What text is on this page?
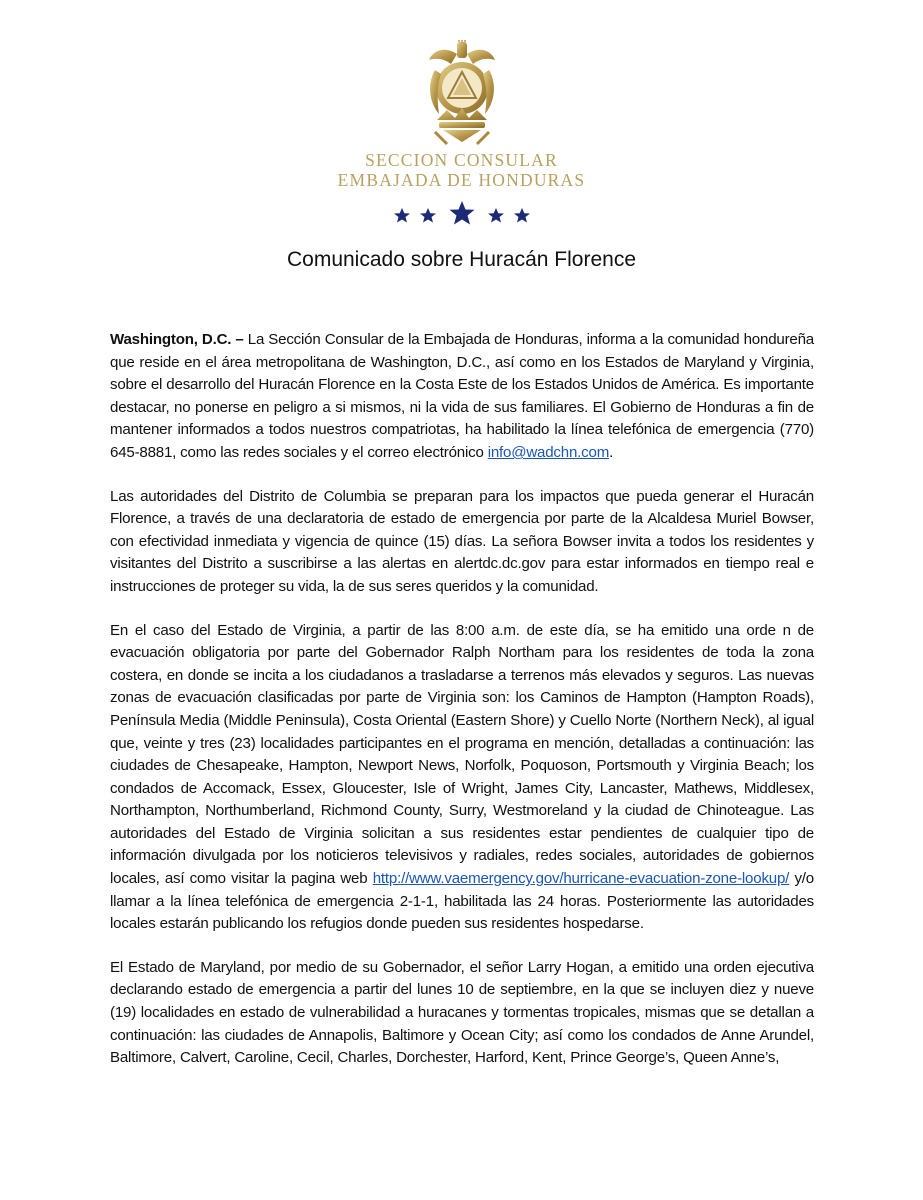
SECCION CONSULAR
EMBAJADA DE HONDURAS
Comunicado sobre Huracán Florence

Washington, D.C. – La Sección Consular de la Embajada de Honduras, informa a la comunidad hondureña que reside en el área metropolitana de Washington, D.C., así como en los Estados de Maryland y Virginia, sobre el desarrollo del Huracán Florence en la Costa Este de los Estados Unidos de América. Es importante destacar, no ponerse en peligro a si mismos, ni la vida de sus familiares. El Gobierno de Honduras a fin de mantener informados a todos nuestros compatriotas, ha habilitado la línea telefónica de emergencia (770) 645-8881, como las redes sociales y el correo electrónico info@wadchn.com.

Las autoridades del Distrito de Columbia se preparan para los impactos que pueda generar el Huracán Florence, a través de una declaratoria de estado de emergencia por parte de la Alcaldesa Muriel Bowser, con efectividad inmediata y vigencia de quince (15) días. La señora Bowser invita a todos los residentes y visitantes del Distrito a suscribirse a las alertas en alertdc.dc.gov para estar informados en tiempo real e instrucciones de proteger su vida, la de sus seres queridos y la comunidad.

En el caso del Estado de Virginia, a partir de las 8:00 a.m. de este día, se ha emitido una orde n de evacuación obligatoria por parte del Gobernador Ralph Northam para los residentes de toda la zona costera, en donde se incita a los ciudadanos a trasladarse a terrenos más elevados y seguros. Las nuevas zonas de evacuación clasificadas por parte de Virginia son: los Caminos de Hampton (Hampton Roads), Península Media (Middle Peninsula), Costa Oriental (Eastern Shore) y Cuello Norte (Northern Neck), al igual que, veinte y tres (23) localidades participantes en el programa en mención, detalladas a continuación: las ciudades de Chesapeake, Hampton, Newport News, Norfolk, Poquoson, Portsmouth y Virginia Beach; los condados de Accomack, Essex, Gloucester, Isle of Wright, James City, Lancaster, Mathews, Middlesex, Northampton, Northumberland, Richmond County, Surry, Westmoreland y la ciudad de Chinoteague. Las autoridades del Estado de Virginia solicitan a sus residentes estar pendientes de cualquier tipo de información divulgada por los noticieros televisivos y radiales, redes sociales, autoridades de gobiernos locales, así como visitar la pagina web http://www.vaemergency.gov/hurricane-evacuation-zone-lookup/ y/o llamar a la línea telefónica de emergencia 2-1-1, habilitada las 24 horas. Posteriormente las autoridades locales estarán publicando los refugios donde pueden sus residentes hospedarse.

El Estado de Maryland, por medio de su Gobernador, el señor Larry Hogan, a emitido una orden ejecutiva declarando estado de emergencia a partir del lunes 10 de septiembre, en la que se incluyen diez y nueve (19) localidades en estado de vulnerabilidad a huracanes y tormentas tropicales, mismas que se detallan a continuación: las ciudades de Annapolis, Baltimore y Ocean City; así como los condados de Anne Arundel, Baltimore, Calvert, Caroline, Cecil, Charles, Dorchester, Harford, Kent, Prince George’s, Queen Anne’s,
